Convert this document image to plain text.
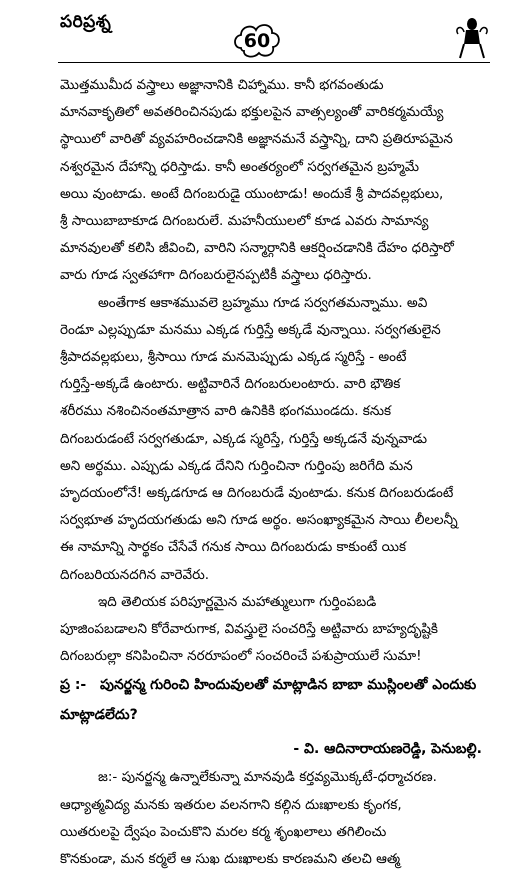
పరిప్రశ్న
60
మొత్తముమీద వస్త్రాలు అజ్ఞానానికి చిహ్నాము. కానీ భగవంతుడు
మానవాకృతిలో అవతరించినపుడు భక్తులపైన వాత్సల్యంతో వారికర్మమయ్యే
స్థాయిలో వారితో వ్యవహరించడానికి అజ్ఞానమనే వస్త్రాన్ని, దాని ప్రతిరూపమైన
నశ్వరమైన దేహాన్ని ధరిస్తాడు. కానీ అంతర్యంలో సర్వగతమైన బ్రహ్మమే
అయి వుంటాడు. అంటే దిగంబరుడై యుంటాడు! అందుకే శ్రీ పాదవల్లభులు,
శ్రీ సాయిబాబాకూడ దిగంబరులే. మహనీయులలో కూడ ఎవరు సామాన్య
మానవులతో కలిసి జీవించి, వారిని సన్మార్గానికి ఆకర్షించడానికి దేహం ధరిస్తారో
వారు గూడ స్వతహాగా దిగంబరులైనప్పటికీ వస్త్రాలు ధరిస్తారు.
అంతేగాక ఆకాశమువలె బ్రహ్మము గూడ సర్వగతమన్నాము. అవి
రెండూ ఎల్లప్పుడూ మనము ఎక్కడ గుర్తిస్తే అక్కడే వున్నాయి. సర్వగతులైన
శ్రీపాదవల్లభులు, శ్రీసాయి గూడ మనమెప్పుడు ఎక్కడ స్మరిస్తే - అంటే
గుర్తిస్తే-అక్కడే ఉంటారు. అట్టివారినే దిగంబరులంటారు. వారి భౌతిక
శరీరము నశించినంతమాత్రాన వారి ఉనికికి భంగముండదు. కనుక
దిగంబరుడంటే సర్వగతుడూ, ఎక్కడ స్మరిస్తే, గుర్తిస్తే అక్కడనే వున్నవాడు
అని అర్థము. ఎప్పుడు ఎక్కడ దేనిని గుర్తించినా గుర్తింపు జరిగేది మన
హృదయంలోనే! అక్కడగూడ ఆ దిగంబరుడే వుంటాడు. కనుక దిగంబరుడంటే
సర్వభూత హృదయగతుడు అని గూడ అర్థం. అసంఖ్యాకమైన సాయి లీలలన్నీ
ఈ నామాన్ని సార్థకం చేసేవే గనుక సాయి దిగంబరుడు కాకుంటే యిక
దిగంబరియనదగిన వారెవేరు.
ఇది తెలియక పరిపూర్ణమైన మహాత్ములుగా గుర్తింపబడి
పూజింపబడాలని కోరేవారుగాక, వివస్త్రులై సంచరిస్తే అట్టివారు బాహ్యదృష్టికి
దిగంబరుల్లా కనిపించినా నరరూపంలో సంచరించే పశుప్రాయులే సుమా!
ప్ర :- పునర్జన్మ గురించి హిందువులతో మాట్లాడిన బాబా ముస్లింలతో ఎందుకు
మాట్లాడలేదు?
- వి. ఆదినారాయణరెడ్డి, పెనుబల్లి.
జ:- పునర్జన్మ ఉన్నాలేకున్నా మానవుడి కర్తవ్యమొక్కటే-ధర్మాచరణ.
ఆధ్యాత్మవిద్య మనకు ఇతరుల వలనగాని కల్గిన దుఃఖాలకు కృంగక,
యితరులపై ద్వేషం పెంచుకొని మరల కర్మ శృంఖలాలు తగిలించు
కొనకుండా, మన కర్మలే ఆ సుఖ దుఃఖాలకు కారణమని తలచి ఆత్మ
